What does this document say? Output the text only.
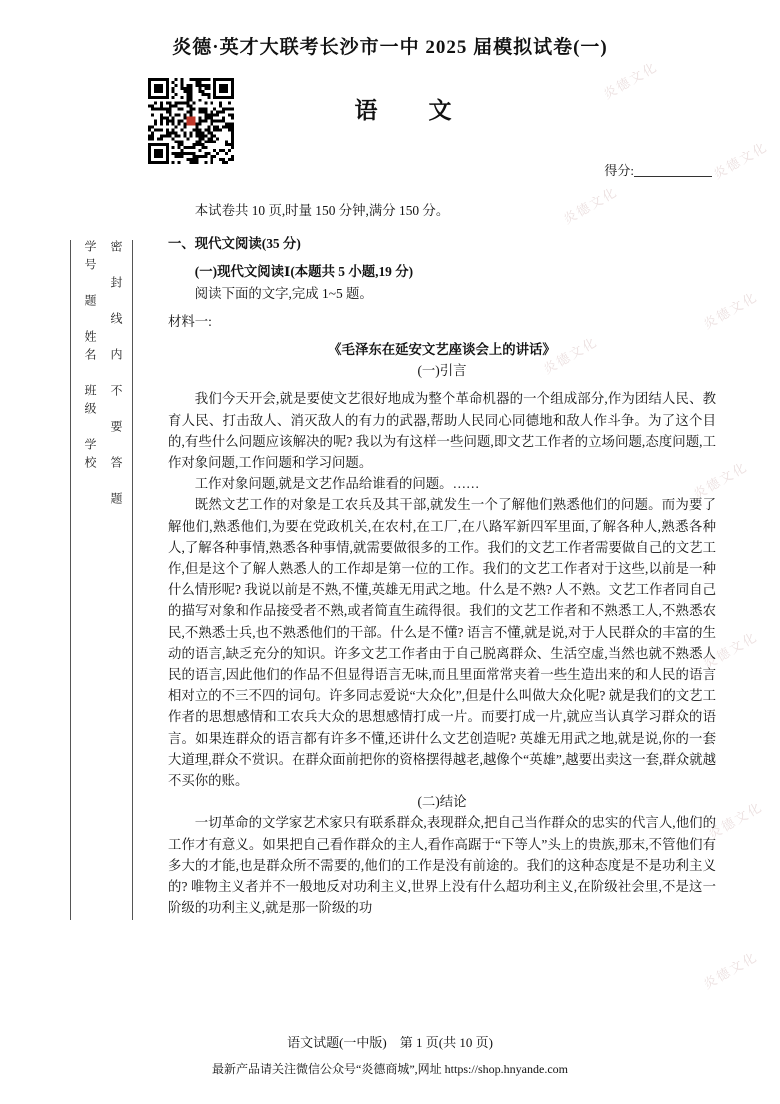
炎德·英才大联考长沙市一中 2025 届模拟试卷(一)
语　文
得分:
学号　题　姓名　班级　学校 密　封　线　内　不　要　答　题

本试卷共 10 页,时量 150 分钟,满分 150 分。

一、现代文阅读(35 分)

(一)现代文阅读Ⅰ(本题共 5 小题,19 分)

阅读下面的文字,完成 1~5 题。

材料一:

《毛泽东在延安文艺座谈会上的讲话》

(一)引言

我们今天开会,就是要使文艺很好地成为整个革命机器的一个组成部分,作为团结人民、教育人民、打击敌人、消灭敌人的有力的武器,帮助人民同心同德地和敌人作斗争。为了这个目的,有些什么问题应该解决的呢? 我以为有这样一些问题,即文艺工作者的立场问题,态度问题,工作对象问题,工作问题和学习问题。

工作对象问题,就是文艺作品给谁看的问题。……

既然文艺工作的对象是工农兵及其干部,就发生一个了解他们熟悉他们的问题。而为要了解他们,熟悉他们,为要在党政机关,在农村,在工厂,在八路军新四军里面,了解各种人,熟悉各种人,了解各种事情,熟悉各种事情,就需要做很多的工作。我们的文艺工作者需要做自己的文艺工作,但是这个了解人熟悉人的工作却是第一位的工作。我们的文艺工作者对于这些,以前是一种什么情形呢? 我说以前是不熟,不懂,英雄无用武之地。什么是不熟? 人不熟。文艺工作者同自己的描写对象和作品接受者不熟,或者简直生疏得很。我们的文艺工作者和不熟悉工人,不熟悉农民,不熟悉士兵,也不熟悉他们的干部。什么是不懂? 语言不懂,就是说,对于人民群众的丰富的生动的语言,缺乏充分的知识。许多文艺工作者由于自己脱离群众、生活空虚,当然也就不熟悉人民的语言,因此他们的作品不但显得语言无味,而且里面常常夹着一些生造出来的和人民的语言相对立的不三不四的词句。许多同志爱说“大众化”,但是什么叫做大众化呢? 就是我们的文艺工作者的思想感情和工农兵大众的思想感情打成一片。而要打成一片,就应当认真学习群众的语言。如果连群众的语言都有许多不懂,还讲什么文艺创造呢? 英雄无用武之地,就是说,你的一套大道理,群众不赏识。在群众面前把你的资格摆得越老,越像个“英雄”,越要出卖这一套,群众就越不买你的账。

(二)结论

一切革命的文学家艺术家只有联系群众,表现群众,把自己当作群众的忠实的代言人,他们的工作才有意义。如果把自己看作群众的主人,看作高踞于“下等人”头上的贵族,那末,不管他们有多大的才能,也是群众所不需要的,他们的工作是没有前途的。我们的这种态度是不是功利主义的? 唯物主义者并不一般地反对功利主义,世界上没有什么超功利主义,在阶级社会里,不是这一阶级的功利主义,就是那一阶级的功

炎德文化
炎德文化
炎德文化
炎德文化
炎德文化
炎德文化
炎德文化
炎德文化
炎德文化
语文试题(一中版)　第 1 页(共 10 页)
最新产品请关注微信公众号“炎德商城”,网址 https://shop.hnyande.com
